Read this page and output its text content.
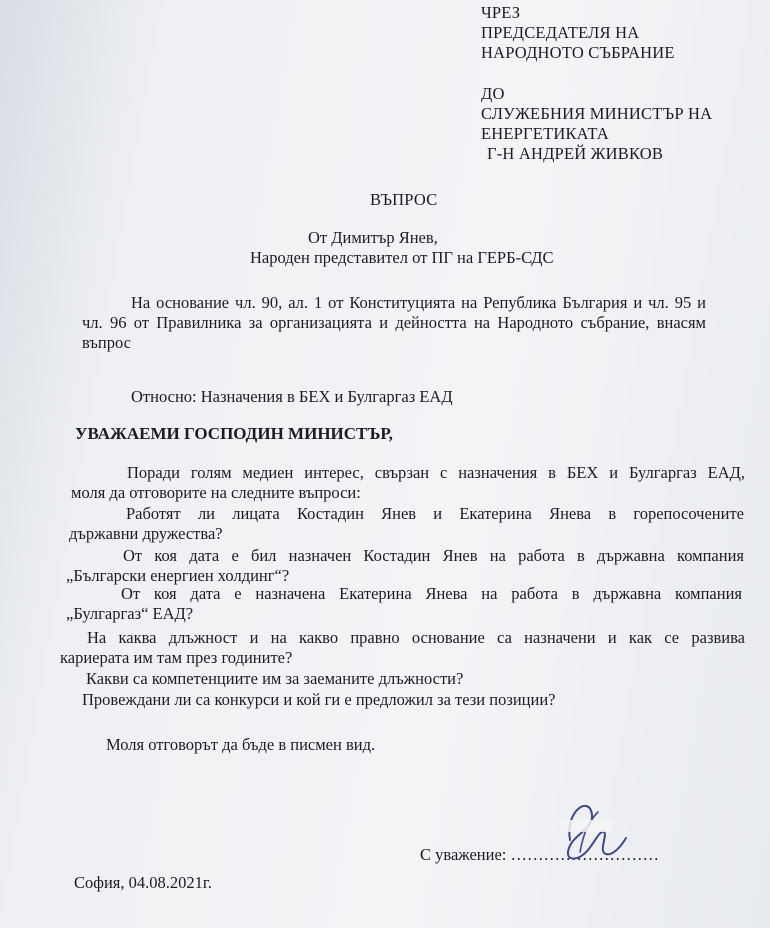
ЧРЕЗ

ПРЕДСЕДАТЕЛЯ НА

НАРОДНОТО СЪБРАНИЕ

ДО

СЛУЖЕБНИЯ МИНИСТЪР НА

ЕНЕРГЕТИКАТА

Г-Н АНДРЕЙ ЖИВКОВ

ВЪПРОС

От Димитър Янев,

Народен представител от ПГ на ГЕРБ-СДС

На основание чл. 90, ал. 1 от Конституцията на Република България и чл. 95 и

чл. 96 от Правилника за организацията и дейността на Народното събрание, внасям

въпрос

Относно: Назначения в БЕХ и Булгаргаз ЕАД

УВАЖАЕМИ ГОСПОДИН МИНИСТЪР,

Поради голям медиен интерес, свързан с назначения в БЕХ и Булгаргаз ЕАД,

моля да отговорите на следните въпроси:

Работят ли лицата Костадин Янев и Екатерина Янева в горепосочените

държавни дружества?

От коя дата е бил назначен Костадин Янев на работа в държавна компания

„Български енергиен холдинг“?

От коя дата е назначена Екатерина Янева на работа в държавна компания

„Булгаргаз“ ЕАД?

На каква длъжност и на какво правно основание са назначени и как се развива

кариерата им там през годините?

Какви са компетенциите им за заеманите длъжности?

Провеждани ли са конкурси и кой ги е предложил за тези позиции?

Моля отговорът да бъде в писмен вид.

С уважение: ………………………

София, 04.08.2021г.
